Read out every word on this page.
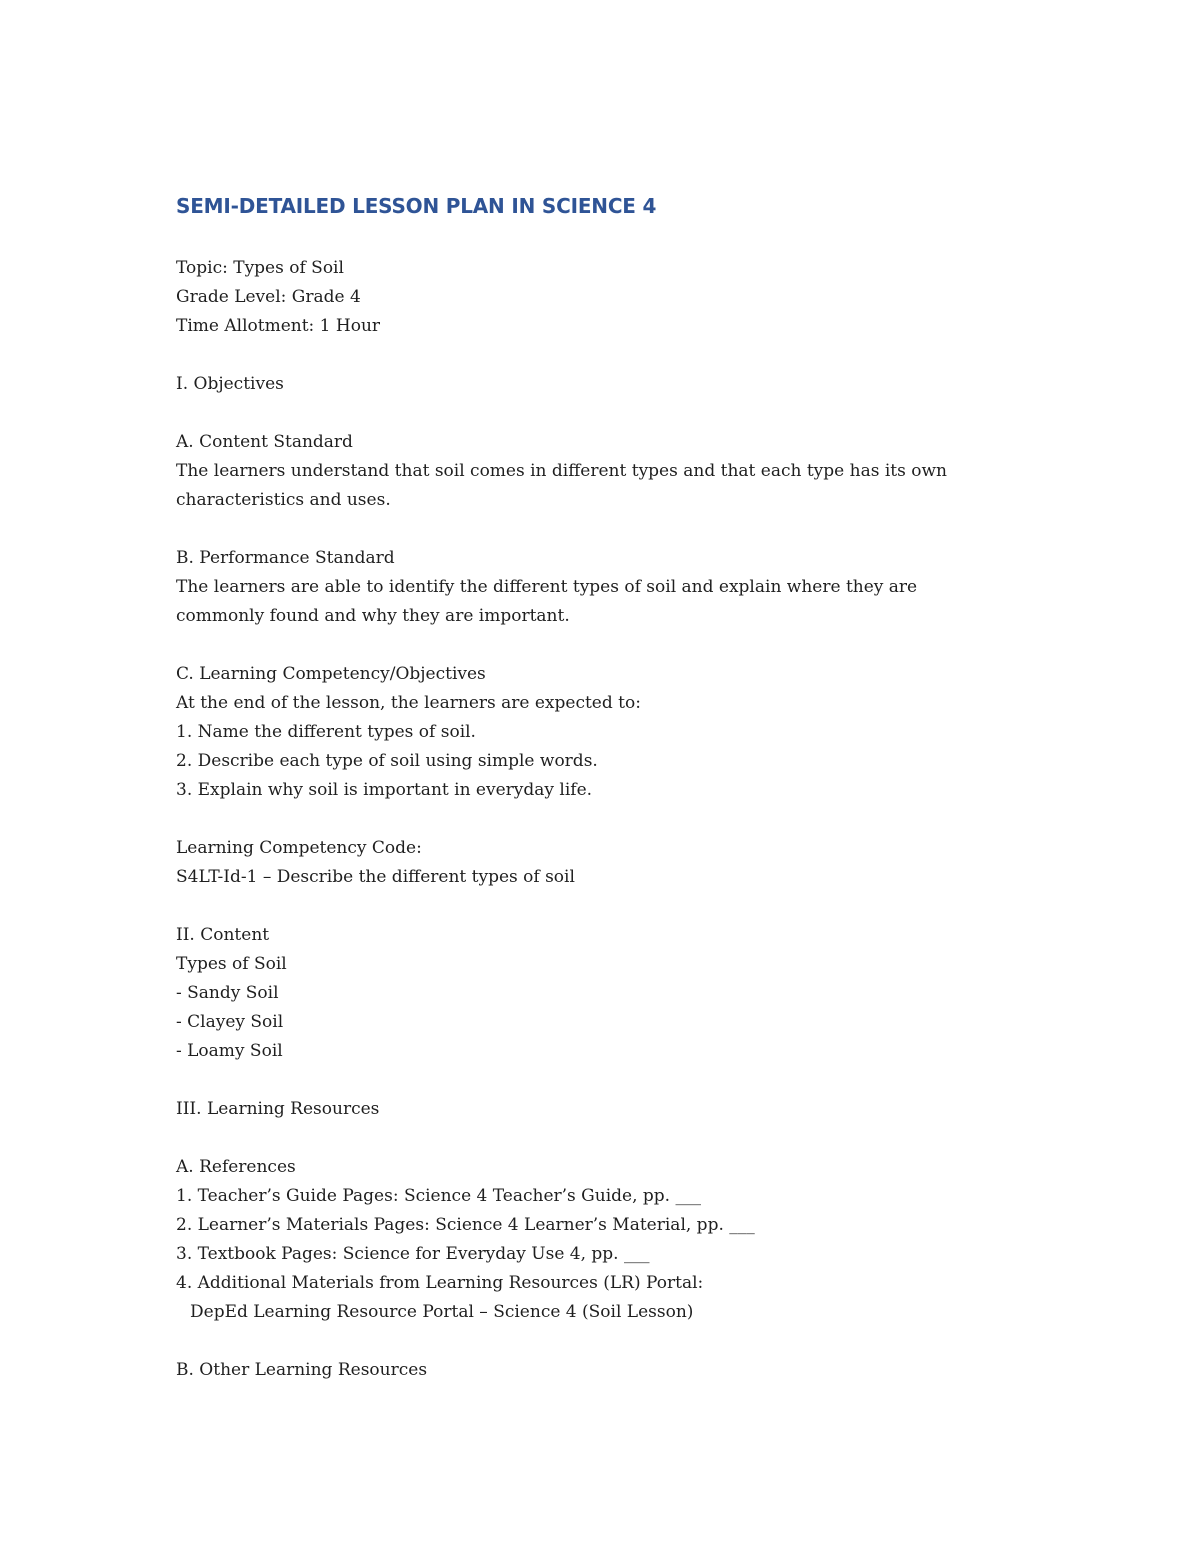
SEMI-DETAILED LESSON PLAN IN SCIENCE 4
Topic: Types of Soil
Grade Level: Grade 4
Time Allotment: 1 Hour
I. Objectives
A. Content Standard
The learners understand that soil comes in different types and that each type has its own
characteristics and uses.
B. Performance Standard
The learners are able to identify the different types of soil and explain where they are
commonly found and why they are important.
C. Learning Competency/Objectives
At the end of the lesson, the learners are expected to:
1. Name the different types of soil.
2. Describe each type of soil using simple words.
3. Explain why soil is important in everyday life.
Learning Competency Code:
S4LT-Id-1 – Describe the different types of soil
II. Content
Types of Soil
- Sandy Soil
- Clayey Soil
- Loamy Soil
III. Learning Resources
A. References
1. Teacher’s Guide Pages: Science 4 Teacher’s Guide, pp. ___
2. Learner’s Materials Pages: Science 4 Learner’s Material, pp. ___
3. Textbook Pages: Science for Everyday Use 4, pp. ___
4. Additional Materials from Learning Resources (LR) Portal:
DepEd Learning Resource Portal – Science 4 (Soil Lesson)
B. Other Learning Resources
